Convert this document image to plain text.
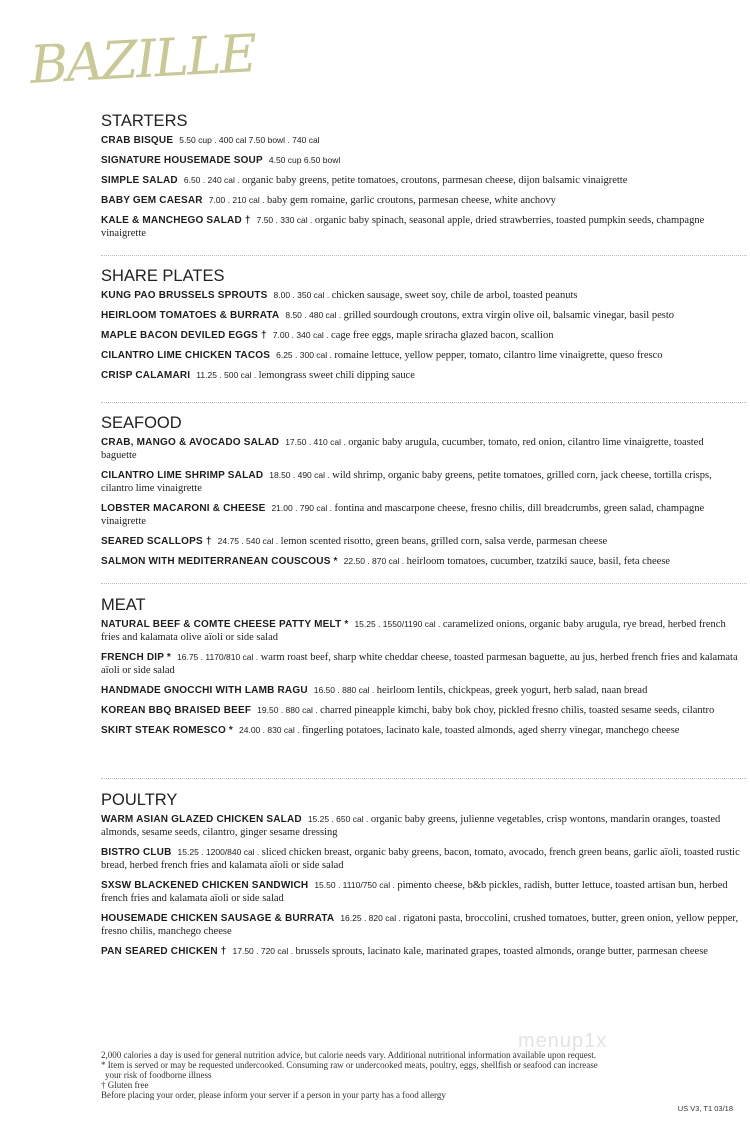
BAZILLE
STARTERS
CRAB BISQUE 5.50 cup . 400 cal 7.50 bowl . 740 cal
SIGNATURE HOUSEMADE SOUP 4.50 cup 6.50 bowl
SIMPLE SALAD 6.50 . 240 cal . organic baby greens, petite tomatoes, croutons, parmesan cheese, dijon balsamic vinaigrette
BABY GEM CAESAR 7.00 . 210 cal . baby gem romaine, garlic croutons, parmesan cheese, white anchovy
KALE & MANCHEGO SALAD † 7.50 . 330 cal . organic baby spinach, seasonal apple, dried strawberries, toasted pumpkin seeds, champagne vinaigrette
SHARE PLATES
KUNG PAO BRUSSELS SPROUTS 8.00 . 350 cal . chicken sausage, sweet soy, chile de arbol, toasted peanuts
HEIRLOOM TOMATOES & BURRATA 8.50 . 480 cal . grilled sourdough croutons, extra virgin olive oil, balsamic vinegar, basil pesto
MAPLE BACON DEVILED EGGS † 7.00 . 340 cal . cage free eggs, maple sriracha glazed bacon, scallion
CILANTRO LIME CHICKEN TACOS 6.25 . 300 cal . romaine lettuce, yellow pepper, tomato, cilantro lime vinaigrette, queso fresco
CRISP CALAMARI 11.25 . 500 cal . lemongrass sweet chili dipping sauce
SEAFOOD
CRAB, MANGO & AVOCADO SALAD 17.50 . 410 cal . organic baby arugula, cucumber, tomato, red onion, cilantro lime vinaigrette, toasted baguette
CILANTRO LIME SHRIMP SALAD 18.50 . 490 cal . wild shrimp, organic baby greens, petite tomatoes, grilled corn, jack cheese, tortilla crisps, cilantro lime vinaigrette
LOBSTER MACARONI & CHEESE 21.00 . 790 cal . fontina and mascarpone cheese, fresno chilis, dill breadcrumbs, green salad, champagne vinaigrette
SEARED SCALLOPS † 24.75 . 540 cal . lemon scented risotto, green beans, grilled corn, salsa verde, parmesan cheese
SALMON WITH MEDITERRANEAN COUSCOUS * 22.50 . 870 cal . heirloom tomatoes, cucumber, tzatziki sauce, basil, feta cheese
MEAT
NATURAL BEEF & COMTE CHEESE PATTY MELT * 15.25 . 1550/1190 cal . caramelized onions, organic baby arugula, rye bread, herbed french fries and kalamata olive aïoli or side salad
FRENCH DIP * 16.75 . 1170/810 cal . warm roast beef, sharp white cheddar cheese, toasted parmesan baguette, au jus, herbed french fries and kalamata aïoli or side salad
HANDMADE GNOCCHI WITH LAMB RAGU 16.50 . 880 cal . heirloom lentils, chickpeas, greek yogurt, herb salad, naan bread
KOREAN BBQ BRAISED BEEF 19.50 . 880 cal . charred pineapple kimchi, baby bok choy, pickled fresno chilis, toasted sesame seeds, cilantro
SKIRT STEAK ROMESCO * 24.00 . 830 cal . fingerling potatoes, lacinato kale, toasted almonds, aged sherry vinegar, manchego cheese
POULTRY
WARM ASIAN GLAZED CHICKEN SALAD 15.25 . 650 cal . organic baby greens, julienne vegetables, crisp wontons, mandarin oranges, toasted almonds, sesame seeds, cilantro, ginger sesame dressing
BISTRO CLUB 15.25 . 1200/840 cal . sliced chicken breast, organic baby greens, bacon, tomato, avocado, french green beans, garlic aïoli, toasted rustic bread, herbed french fries and kalamata aïoli or side salad
SXSW BLACKENED CHICKEN SANDWICH 15.50 . 1110/750 cal . pimento cheese, b&b pickles, radish, butter lettuce, toasted artisan bun, herbed french fries and kalamata aïoli or side salad
HOUSEMADE CHICKEN SAUSAGE & BURRATA 16.25 . 820 cal . rigatoni pasta, broccolini, crushed tomatoes, butter, green onion, yellow pepper, fresno chilis, manchego cheese
PAN SEARED CHICKEN † 17.50 . 720 cal . brussels sprouts, lacinato kale, marinated grapes, toasted almonds, orange butter, parmesan cheese
menup1x
2,000 calories a day is used for general nutrition advice, but calorie needs vary. Additional nutritional information available upon request.
* Item is served or may be requested undercooked. Consuming raw or undercooked meats, poultry, eggs, shellfish or seafood can increase
your risk of foodborne illness
† Gluten free
Before placing your order, please inform your server if a person in your party has a food allergy
US V3, T1 03/18
